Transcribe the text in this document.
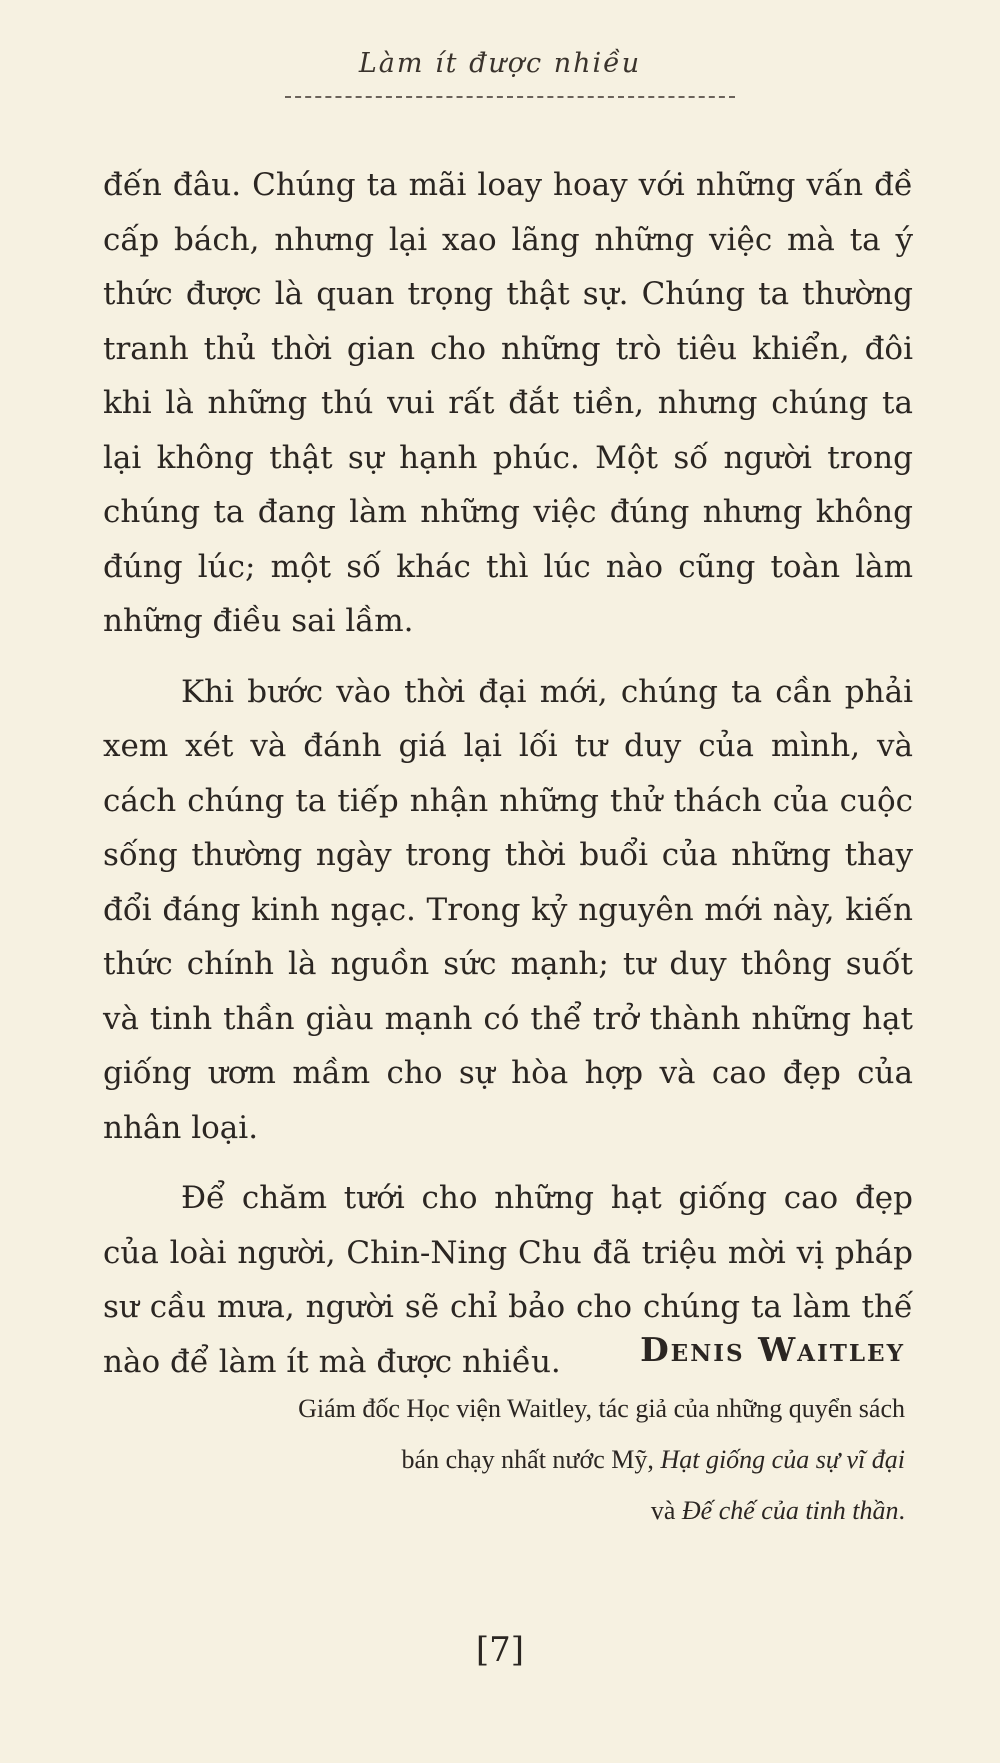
Làm ít được nhiều

đến đâu. Chúng ta mãi loay hoay với những vấn đề cấp bách, nhưng lại xao lãng những việc mà ta ý thức được là quan trọng thật sự. Chúng ta thường tranh thủ thời gian cho những trò tiêu khiển, đôi khi là những thú vui rất đắt tiền, nhưng chúng ta lại không thật sự hạnh phúc. Một số người trong chúng ta đang làm những việc đúng nhưng không đúng lúc; một số khác thì lúc nào cũng toàn làm những điều sai lầm.

Khi bước vào thời đại mới, chúng ta cần phải xem xét và đánh giá lại lối tư duy của mình, và cách chúng ta tiếp nhận những thử thách của cuộc sống thường ngày trong thời buổi của những thay đổi đáng kinh ngạc. Trong kỷ nguyên mới này, kiến thức chính là nguồn sức mạnh; tư duy thông suốt và tinh thần giàu mạnh có thể trở thành những hạt giống ươm mầm cho sự hòa hợp và cao đẹp của nhân loại.

Để chăm tưới cho những hạt giống cao đẹp của loài người, Chin-Ning Chu đã triệu mời vị pháp sư cầu mưa, người sẽ chỉ bảo cho chúng ta làm thế nào để làm ít mà được nhiều.	Denis Waitley
Giám đốc Học viện Waitley, tác giả của những quyển sách
bán chạy nhất nước Mỹ, Hạt giống của sự vĩ đại
và Đế chế của tinh thần.
[7]
